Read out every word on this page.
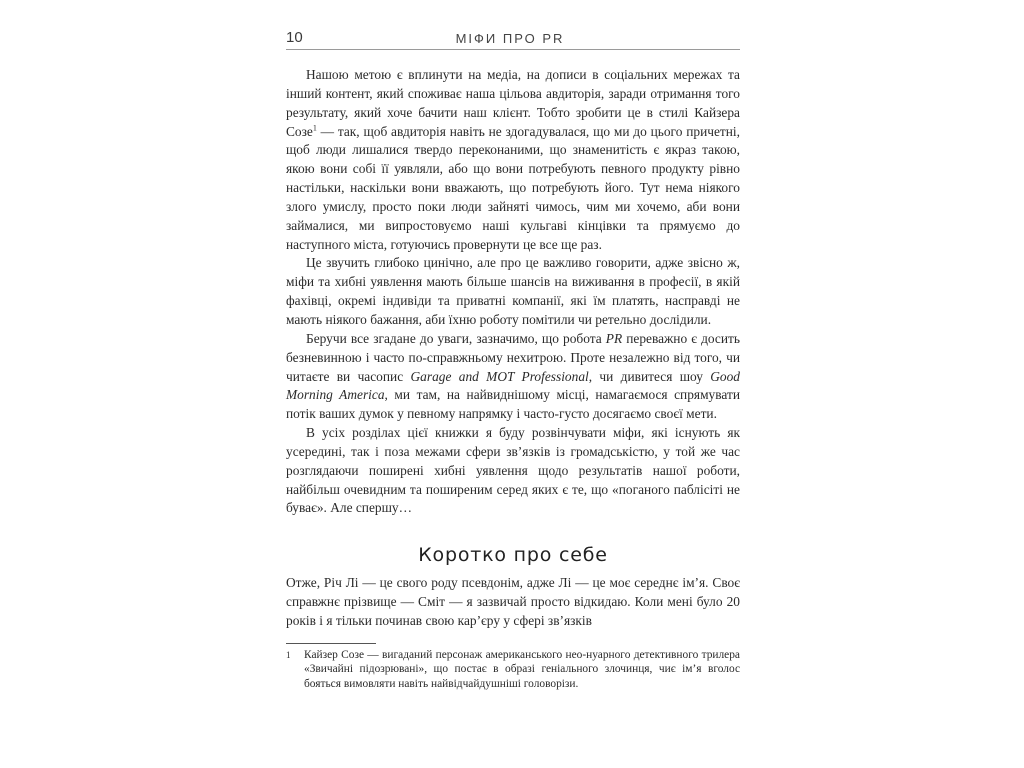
10	МІФИ ПРО PR

Нашою метою є вплинути на медіа, на дописи в соціальних мережах та інший контент, який споживає наша цільова авдиторія, заради отримання того результату, який хоче бачити наш клієнт. Тобто зробити це в стилі Кайзера Созе$^1$ — так, щоб авдиторія навіть не здогадувалася, що ми до цього причетні, щоб люди лишалися твердо переконаними, що знаменитість є якраз такою, якою вони собі її уявляли, або що вони потребують певного продукту рівно настільки, наскільки вони вважають, що потребують його. Тут нема ніякого злого умислу, просто поки люди зайняті чимось, чим ми хочемо, аби вони займалися, ми випростовуємо наші кульгаві кінцівки та прямуємо до наступного міста, готуючись провернути це все ще раз.

Це звучить глибоко цинічно, але про це важливо говорити, адже звісно ж, міфи та хибні уявлення мають більше шансів на виживання в професії, в якій фахівці, окремі індивіди та приватні компанії, які їм платять, насправді не мають ніякого бажання, аби їхню роботу помітили чи ретельно дослідили.

Беручи все згадане до уваги, зазначимо, що робота PR переважно є досить безневинною і часто по-справжньому нехитрою. Проте незалежно від того, чи читаєте ви часопис Garage and MOT Professional, чи дивитеся шоу Good Morning America, ми там, на найвиднішому місці, намагаємося спрямувати потік ваших думок у певному напрямку і часто-густо досягаємо своєї мети.

В усіх розділах цієї книжки я буду розвінчувати міфи, які існують як усередині, так і поза межами сфери зв’язків із громадськістю, у той же час розглядаючи поширені хибні уявлення щодо результатів нашої роботи, найбільш очевидним та поширеним серед яких є те, що «поганого паблісіті не буває». Але спершу…

Коротко про себе

Отже, Річ Лі — це свого роду псевдонім, адже Лі — це моє середнє ім’я. Своє справжнє прізвище — Сміт — я зазвичай просто відкидаю. Коли мені було 20 років і я тільки починав свою кар’єру у сфері зв’язків

1 Кайзер Созе — вигаданий персонаж американського нео-нуарного детективного трилера «Звичайні підозрювані», що постає в образі геніального злочинця, чиє ім’я вголос бояться вимовляти навіть найвідчайдушніші головорізи.
